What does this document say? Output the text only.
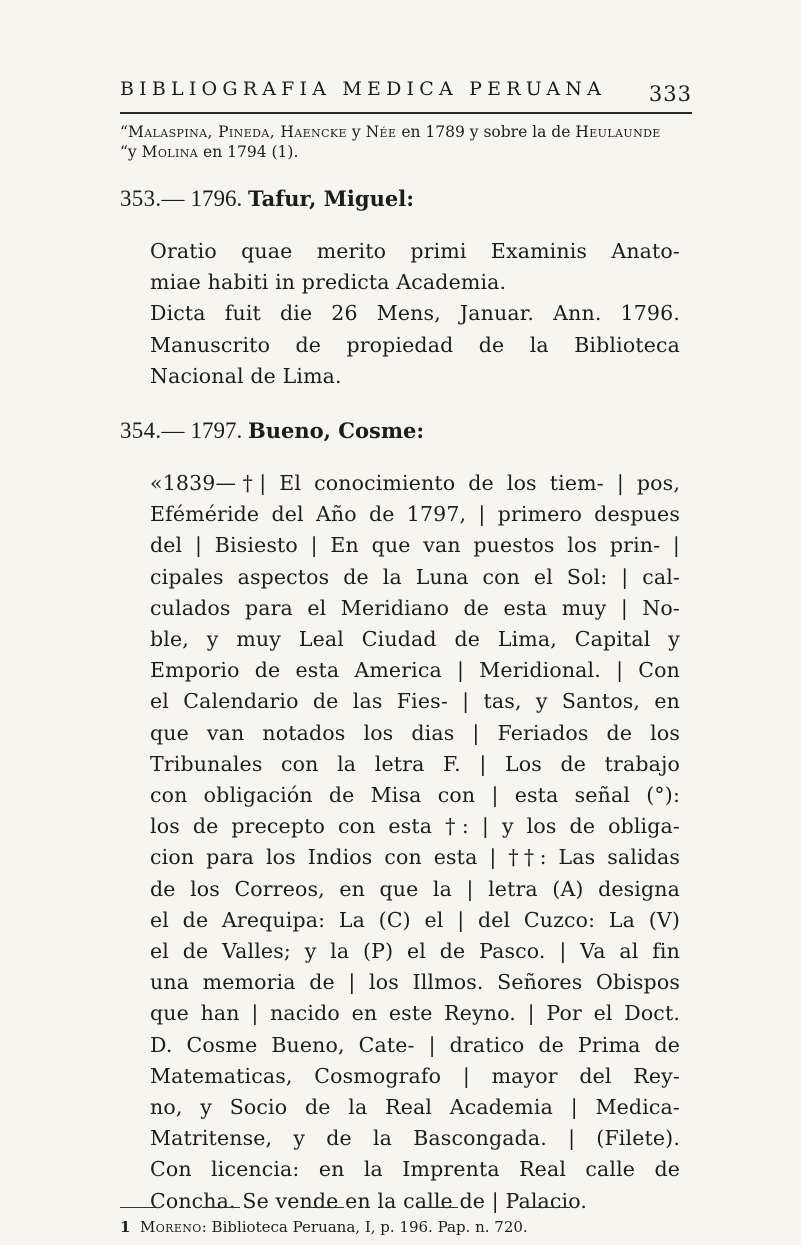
BIBLIOGRAFIA MEDICA PERUANA 333
“Malaspina, Pineda, Haencke y Née en 1789 y sobre la de Heulaunde
“y Molina en 1794 (1).
353.— 1796. Tafur, Miguel:
Oratio quae merito primi Examinis Anato-
miae habiti in predicta Academia.
Dicta fuit die 26 Mens, Januar. Ann. 1796.
Manuscrito de propiedad de la Biblioteca
Nacional de Lima.
354.— 1797. Bueno, Cosme:
«1839—†| El conocimiento de los tiem- | pos,
Eféméride del Año de 1797, | primero despues
del | Bisiesto | En que van puestos los prin- |
cipales aspectos de la Luna con el Sol: | cal-
culados para el Meridiano de esta muy | No-
ble, y muy Leal Ciudad de Lima, Capital y
Emporio de esta America | Meridional. | Con
el Calendario de las Fies- | tas, y Santos, en
que van notados los dias | Feriados de los
Tribunales con la letra F. | Los de trabajo
con obligación de Misa con | esta señal (°):
los de precepto con esta †: | y los de obliga-
cion para los Indios con esta | ††: Las salidas
de los Correos, en que la | letra (A) designa
el de Arequipa: La (C) el | del Cuzco: La (V)
el de Valles; y la (P) el de Pasco. | Va al fin
una memoria de | los Illmos. Señores Obispos
que han | nacido en este Reyno. | Por el Doct.
D. Cosme Bueno, Cate- | dratico de Prima de
Matematicas, Cosmografo | mayor del Rey-
no, y Socio de la Real Academia | Medica-
Matritense, y de la Bascongada. | (Filete).
Con licencia: en la Imprenta Real calle de
Concha. Se vende en la calle de | Palacio.
1 Moreno: Biblioteca Peruana, I, p. 196. Pap. n. 720.
